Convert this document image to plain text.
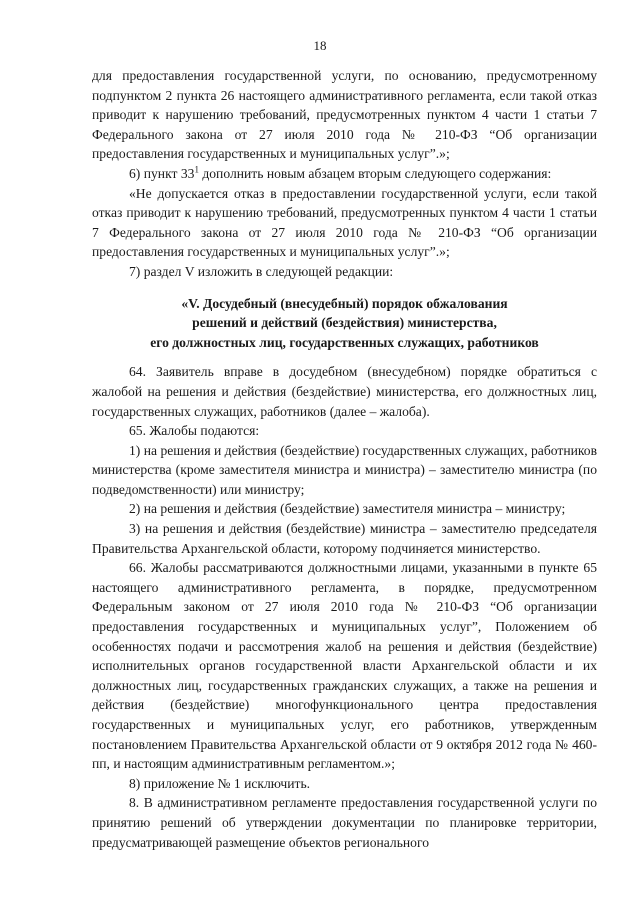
18

для предоставления государственной услуги, по основанию, предусмотренному подпунктом 2 пункта 26 настоящего административного регламента, если такой отказ приводит к нарушению требований, предусмотренных пунктом 4 части 1 статьи 7 Федерального закона от 27 июля 2010 года № 210-ФЗ “Об организации предоставления государственных и муниципальных услуг”.»;

6) пункт $33^1$ дополнить новым абзацем вторым следующего содержания:

«Не допускается отказ в предоставлении государственной услуги, если такой отказ приводит к нарушению требований, предусмотренных пунктом 4 части 1 статьи 7 Федерального закона от 27 июля 2010 года № 210-ФЗ “Об организации предоставления государственных и муниципальных услуг”.»;

7) раздел V изложить в следующей редакции:

«V. Досудебный (внесудебный) порядок обжалования
решений и действий (бездействия) министерства,
его должностных лиц, государственных служащих, работников

64. Заявитель вправе в досудебном (внесудебном) порядке обратиться с жалобой на решения и действия (бездействие) министерства, его должностных лиц, государственных служащих, работников (далее – жалоба).

65. Жалобы подаются:

1) на решения и действия (бездействие) государственных служащих, работников министерства (кроме заместителя министра и министра) – заместителю министра (по подведомственности) или министру;

2) на решения и действия (бездействие) заместителя министра – министру;

3) на решения и действия (бездействие) министра – заместителю председателя Правительства Архангельской области, которому подчиняется министерство.

66. Жалобы рассматриваются должностными лицами, указанными в пункте 65 настоящего административного регламента, в порядке, предусмотренном Федеральным законом от 27 июля 2010 года № 210-ФЗ “Об организации предоставления государственных и муниципальных услуг”, Положением об особенностях подачи и рассмотрения жалоб на решения и действия (бездействие) исполнительных органов государственной власти Архангельской области и их должностных лиц, государственных гражданских служащих, а также на решения и действия (бездействие) многофункционального центра предоставления государственных и муниципальных услуг, его работников, утвержденным постановлением Правительства Архангельской области от 9 октября 2012 года № 460-пп, и настоящим административным регламентом.»;

8) приложение № 1 исключить.

8. В административном регламенте предоставления государственной услуги по принятию решений об утверждении документации по планировке территории, предусматривающей размещение объектов регионального
